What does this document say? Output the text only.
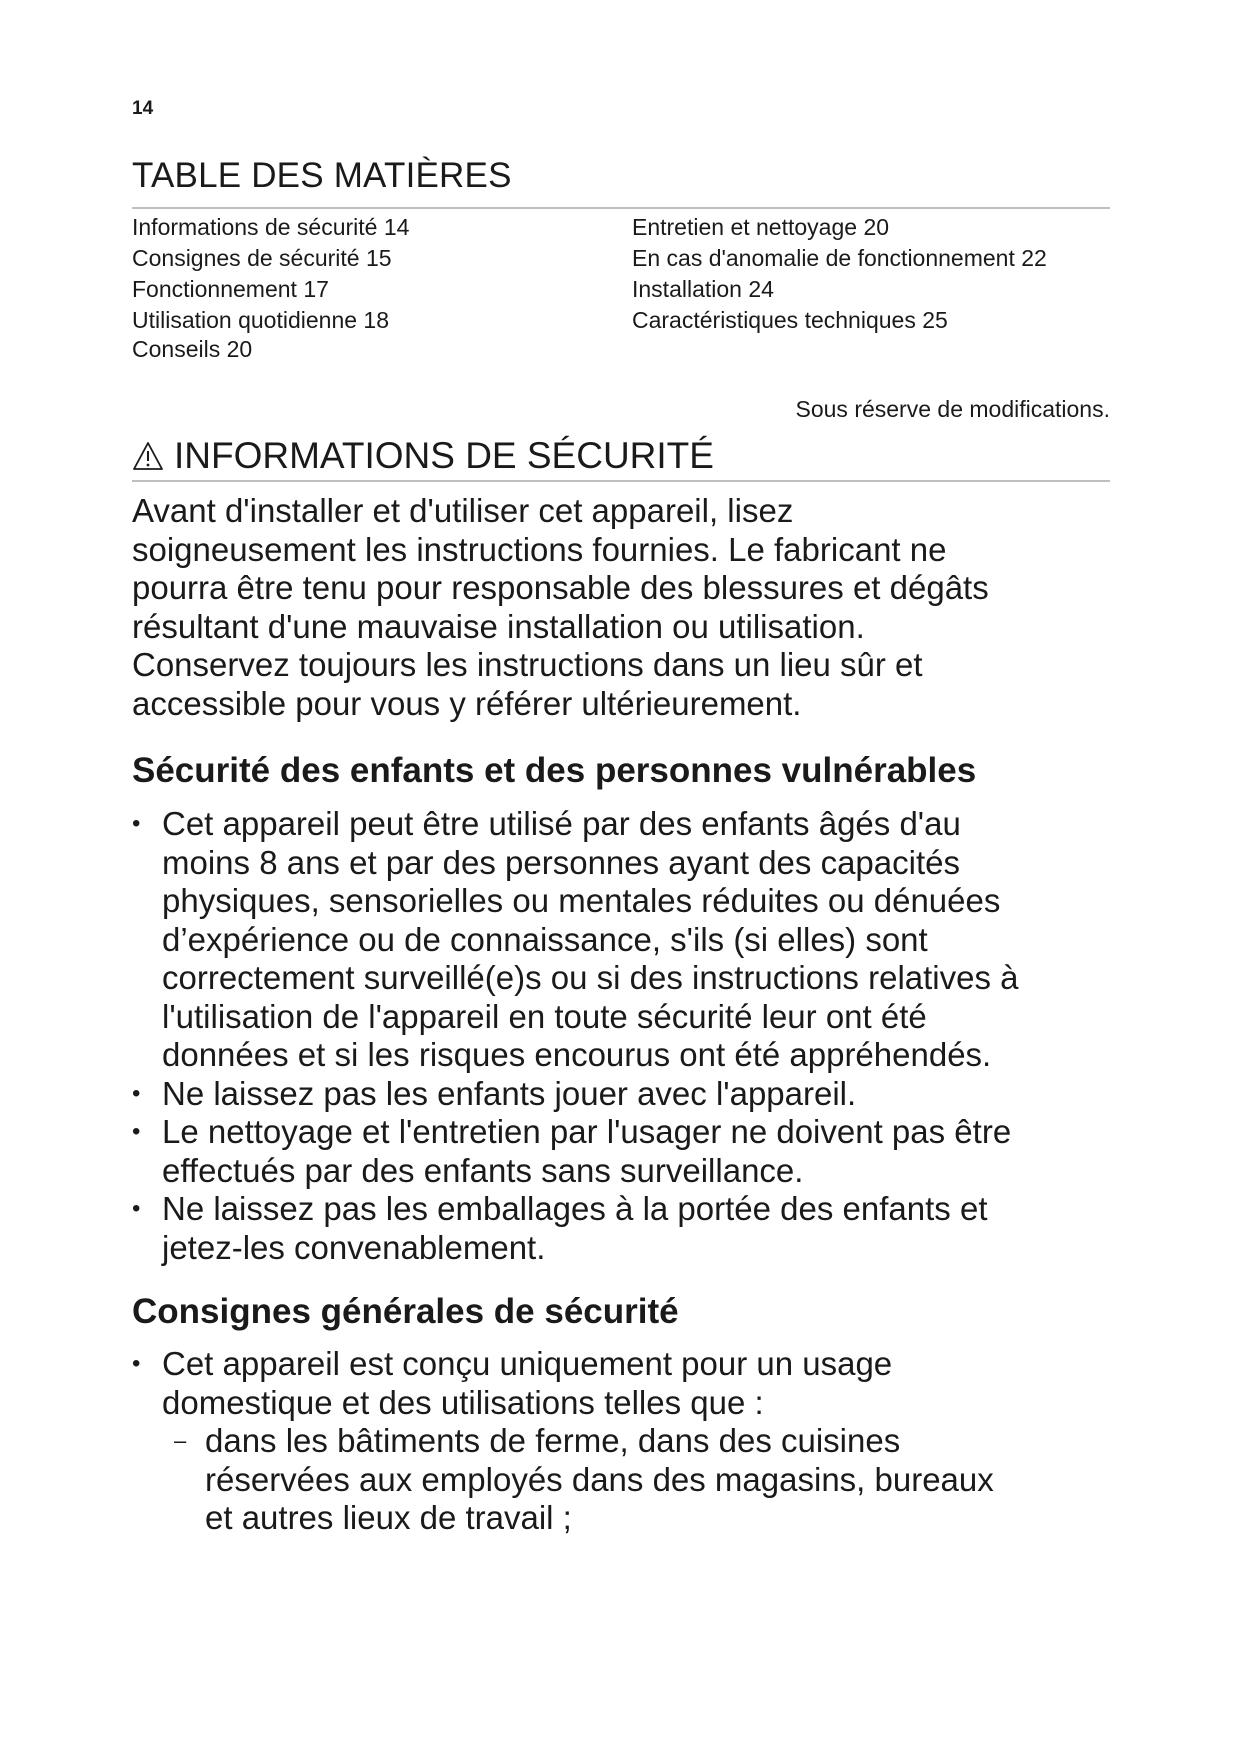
14
TABLE DES MATIÈRES
Informations de sécurité 14
Consignes de sécurité 15
Fonctionnement 17
Utilisation quotidienne 18
Conseils 20
Entretien et nettoyage 20
En cas d'anomalie de fonctionnement 22
Installation 24
Caractéristiques techniques 25
Sous réserve de modifications.
INFORMATIONS DE SÉCURITÉ

Avant d'installer et d'utiliser cet appareil, lisez
soigneusement les instructions fournies. Le fabricant ne
pourra être tenu pour responsable des blessures et dégâts
résultant d'une mauvaise installation ou utilisation.
Conservez toujours les instructions dans un lieu sûr et
accessible pour vous y référer ultérieurement.

Sécurité des enfants et des personnes vulnérables
• Cet appareil peut être utilisé par des enfants âgés d'au
moins 8 ans et par des personnes ayant des capacités
physiques, sensorielles ou mentales réduites ou dénuées
d’expérience ou de connaissance, s'ils (si elles) sont
correctement surveillé(e)s ou si des instructions relatives à
l'utilisation de l'appareil en toute sécurité leur ont été
données et si les risques encourus ont été appréhendés.
• Ne laissez pas les enfants jouer avec l'appareil.
• Le nettoyage et l'entretien par l'usager ne doivent pas être
effectués par des enfants sans surveillance.
• Ne laissez pas les emballages à la portée des enfants et
jetez-les convenablement.
Consignes générales de sécurité
• Cet appareil est conçu uniquement pour un usage
domestique et des utilisations telles que :
– dans les bâtiments de ferme, dans des cuisines
réservées aux employés dans des magasins, bureaux
et autres lieux de travail ;
